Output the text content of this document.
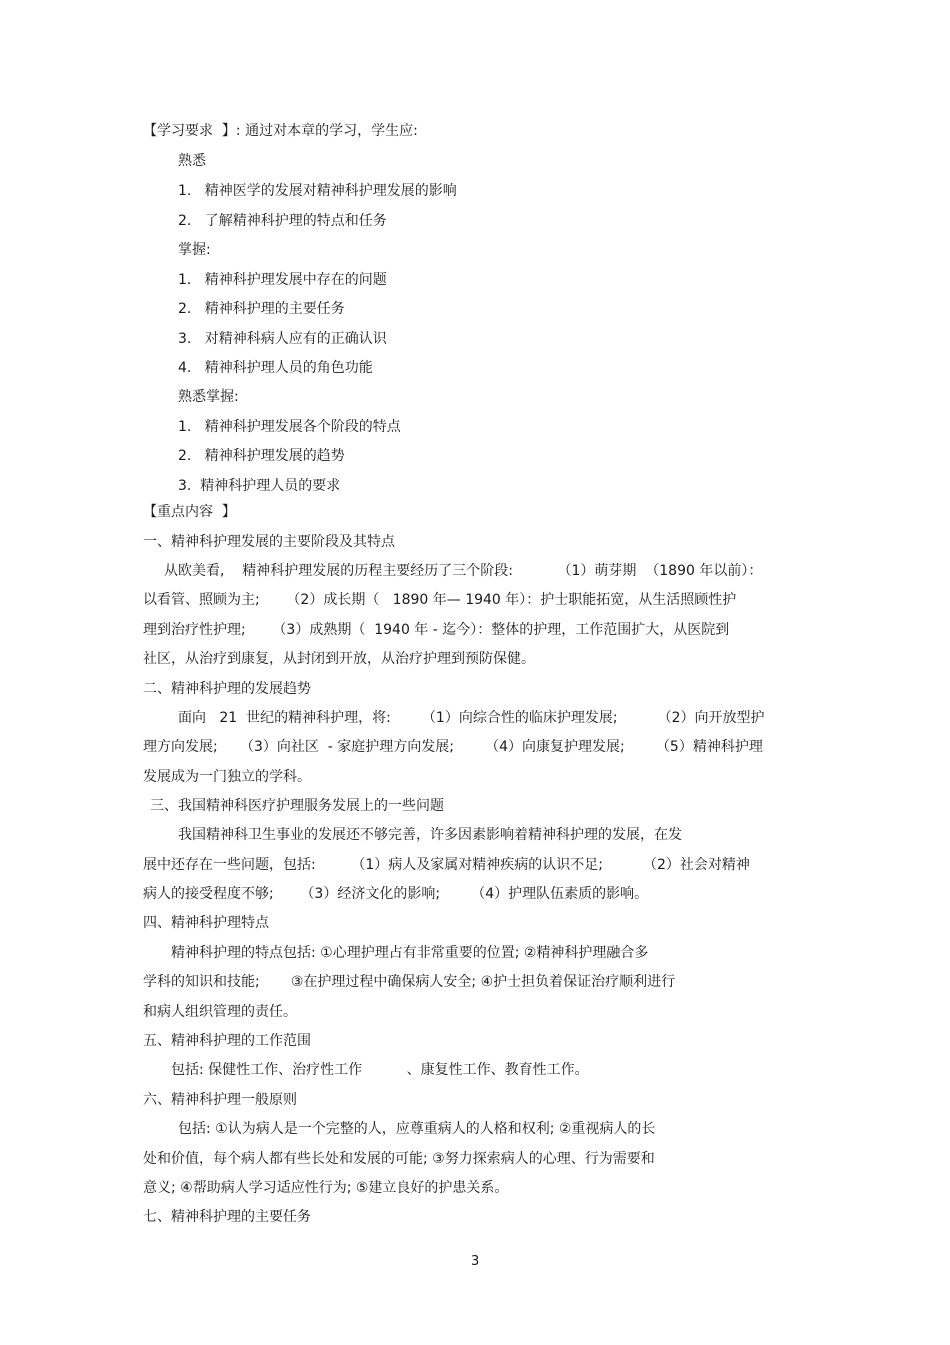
【学习要求  】: 通过对本章的学习，学生应:

熟悉

1.   精神医学的发展对精神科护理发展的影响

2.   了解精神科护理的特点和任务

掌握:

1.   精神科护理发展中存在的问题

2.   精神科护理的主要任务

3.   对精神科病人应有的正确认识

4.   精神科护理人员的角色功能

熟悉掌握:

1.   精神科护理发展各个阶段的特点

2.   精神科护理发展的趋势

3.  精神科护理人员的要求

【重点内容  】

一、精神科护理发展的主要阶段及其特点

从欧美看,    精神科护理发展的历程主要经历了三个阶段:          （1）萌芽期  （1890 年以前）：

以看管、照顾为主;      （2）成长期（   1890 年— 1940 年）：护士职能拓宽，从生活照顾性护

理到治疗性护理;      （3）成熟期（  1940 年 - 迄今）：整体的护理，工作范围扩大，从医院到

社区，从治疗到康复，从封闭到开放，从治疗护理到预防保健。

二、精神科护理的发展趋势

面向   21  世纪的精神科护理，将:       （1）向综合性的临床护理发展;         （2）向开放型护

理方向发展;     （3）向社区  - 家庭护理方向发展;       （4）向康复护理发展;       （5）精神科护理

发展成为一门独立的学科。

三、我国精神科医疗护理服务发展上的一些问题

我国精神科卫生事业的发展还不够完善，许多因素影响着精神科护理的发展，在发

展中还存在一些问题，包括:        （1）病人及家属对精神疾病的认识不足;         （2）社会对精神

病人的接受程度不够;      （3）经济文化的影响;       （4）护理队伍素质的影响。

四、精神科护理特点

精神科护理的特点包括: ①心理护理占有非常重要的位置; ②精神科护理融合多

学科的知识和技能;       ③在护理过程中确保病人安全; ④护士担负着保证治疗顺利进行

和病人组织管理的责任。

五、精神科护理的工作范围

包括: 保健性工作、治疗性工作          、康复性工作、教育性工作。

六、精神科护理一般原则

包括: ①认为病人是一个完整的人，应尊重病人的人格和权利; ②重视病人的长

处和价值，每个病人都有些长处和发展的可能; ③努力探索病人的心理、行为需要和

意义; ④帮助病人学习适应性行为; ⑤建立良好的护患关系。

七、精神科护理的主要任务

3
